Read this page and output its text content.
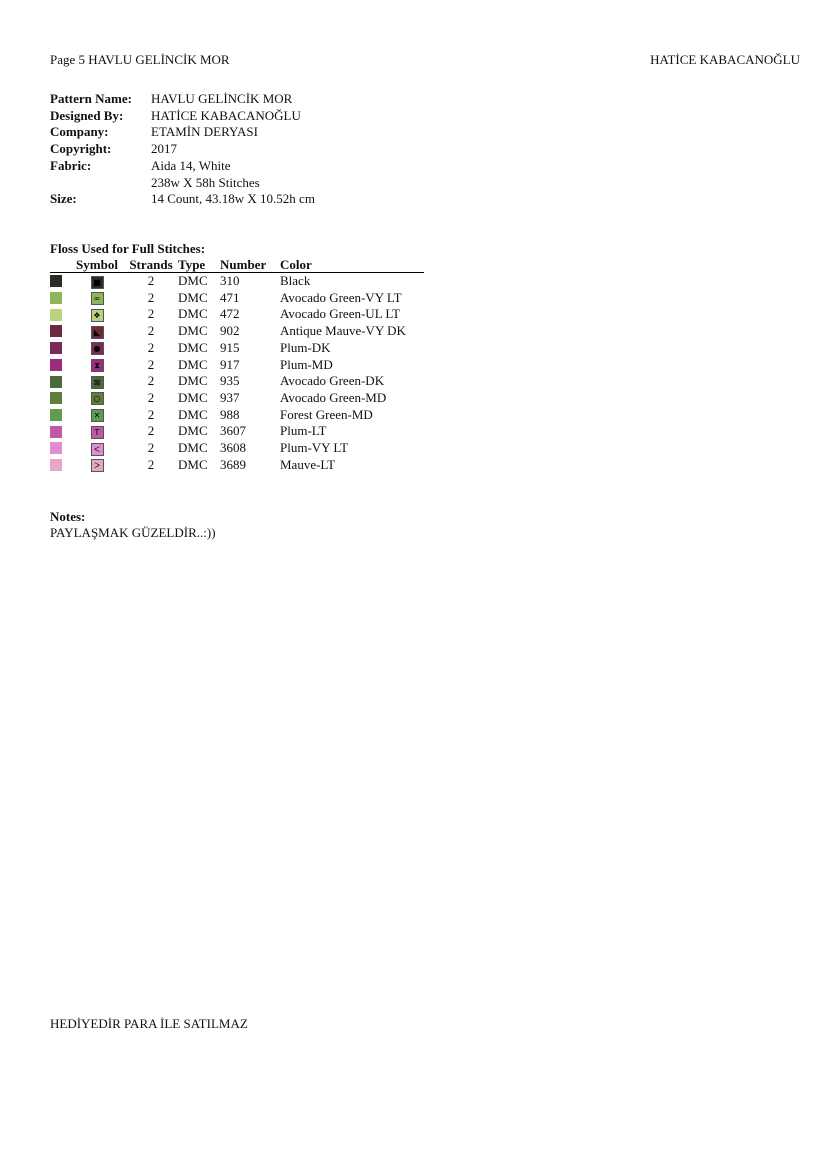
Page 5 HAVLU GELİNCİK MOR	HATİCE KABACANOĞLU
Pattern Name:	HAVLU GELİNCİK MOR
Designed By:	HATİCE KABACANOĞLU
Company:	ETAMİN DERYASI
Copyright:	2017
Fabric:	Aida 14, White
	238w X 58h Stitches
Size:	14 Count, 43.18w X 10.52h cm
Floss Used for Full Stitches:
	Symbol	Strands	Type	Number	Color

	■	2	DMC	310	Black

	∞	2	DMC	471	Avocado Green-VY LT

	❖	2	DMC	472	Avocado Green-UL LT

	◣	2	DMC	902	Antique Mauve-VY DK

	●	2	DMC	915	Plum-DK

	⧗	2	DMC	917	Plum-MD

	⊠	2	DMC	935	Avocado Green-DK

	○	2	DMC	937	Avocado Green-MD

	✕	2	DMC	988	Forest Green-MD

	T	2	DMC	3607	Plum-LT

	ᐸ	2	DMC	3608	Plum-VY LT

	ᐳ	2	DMC	3689	Mauve-LT
Notes:
PAYLAŞMAK GÜZELDİR..:))
HEDİYEDİR PARA İLE SATILMAZ
